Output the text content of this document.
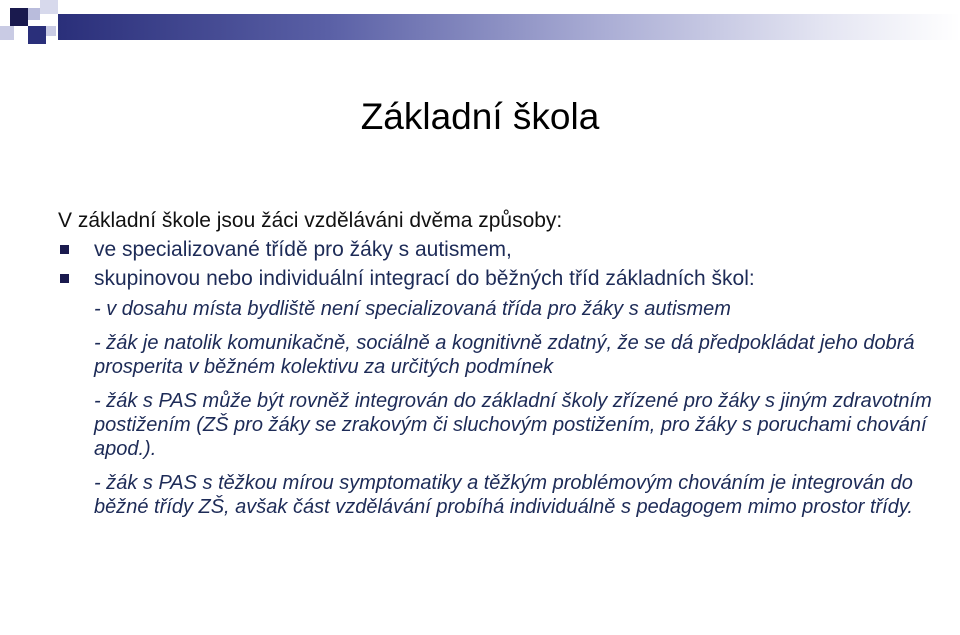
Základní škola

V základní škole jsou žáci vzděláváni dvěma způsoby:

ve specializované třídě pro žáky s autismem,
skupinovou nebo individuální integrací do běžných tříd základních škol:

- v dosahu místa bydliště není specializovaná třída pro žáky s autismem

- žák je natolik komunikačně, sociálně a kognitivně zdatný, že se dá předpokládat jeho dobrá prosperita v běžném kolektivu za určitých podmínek

- žák s PAS může být rovněž integrován do základní školy zřízené pro žáky s jiným zdravotním postižením (ZŠ pro žáky se zrakovým či sluchovým postižením, pro žáky s poruchami chování apod.).

- žák s PAS s těžkou mírou symptomatiky a těžkým problémovým chováním je integrován do běžné třídy ZŠ, avšak část vzdělávání probíhá individuálně s pedagogem mimo prostor třídy.
